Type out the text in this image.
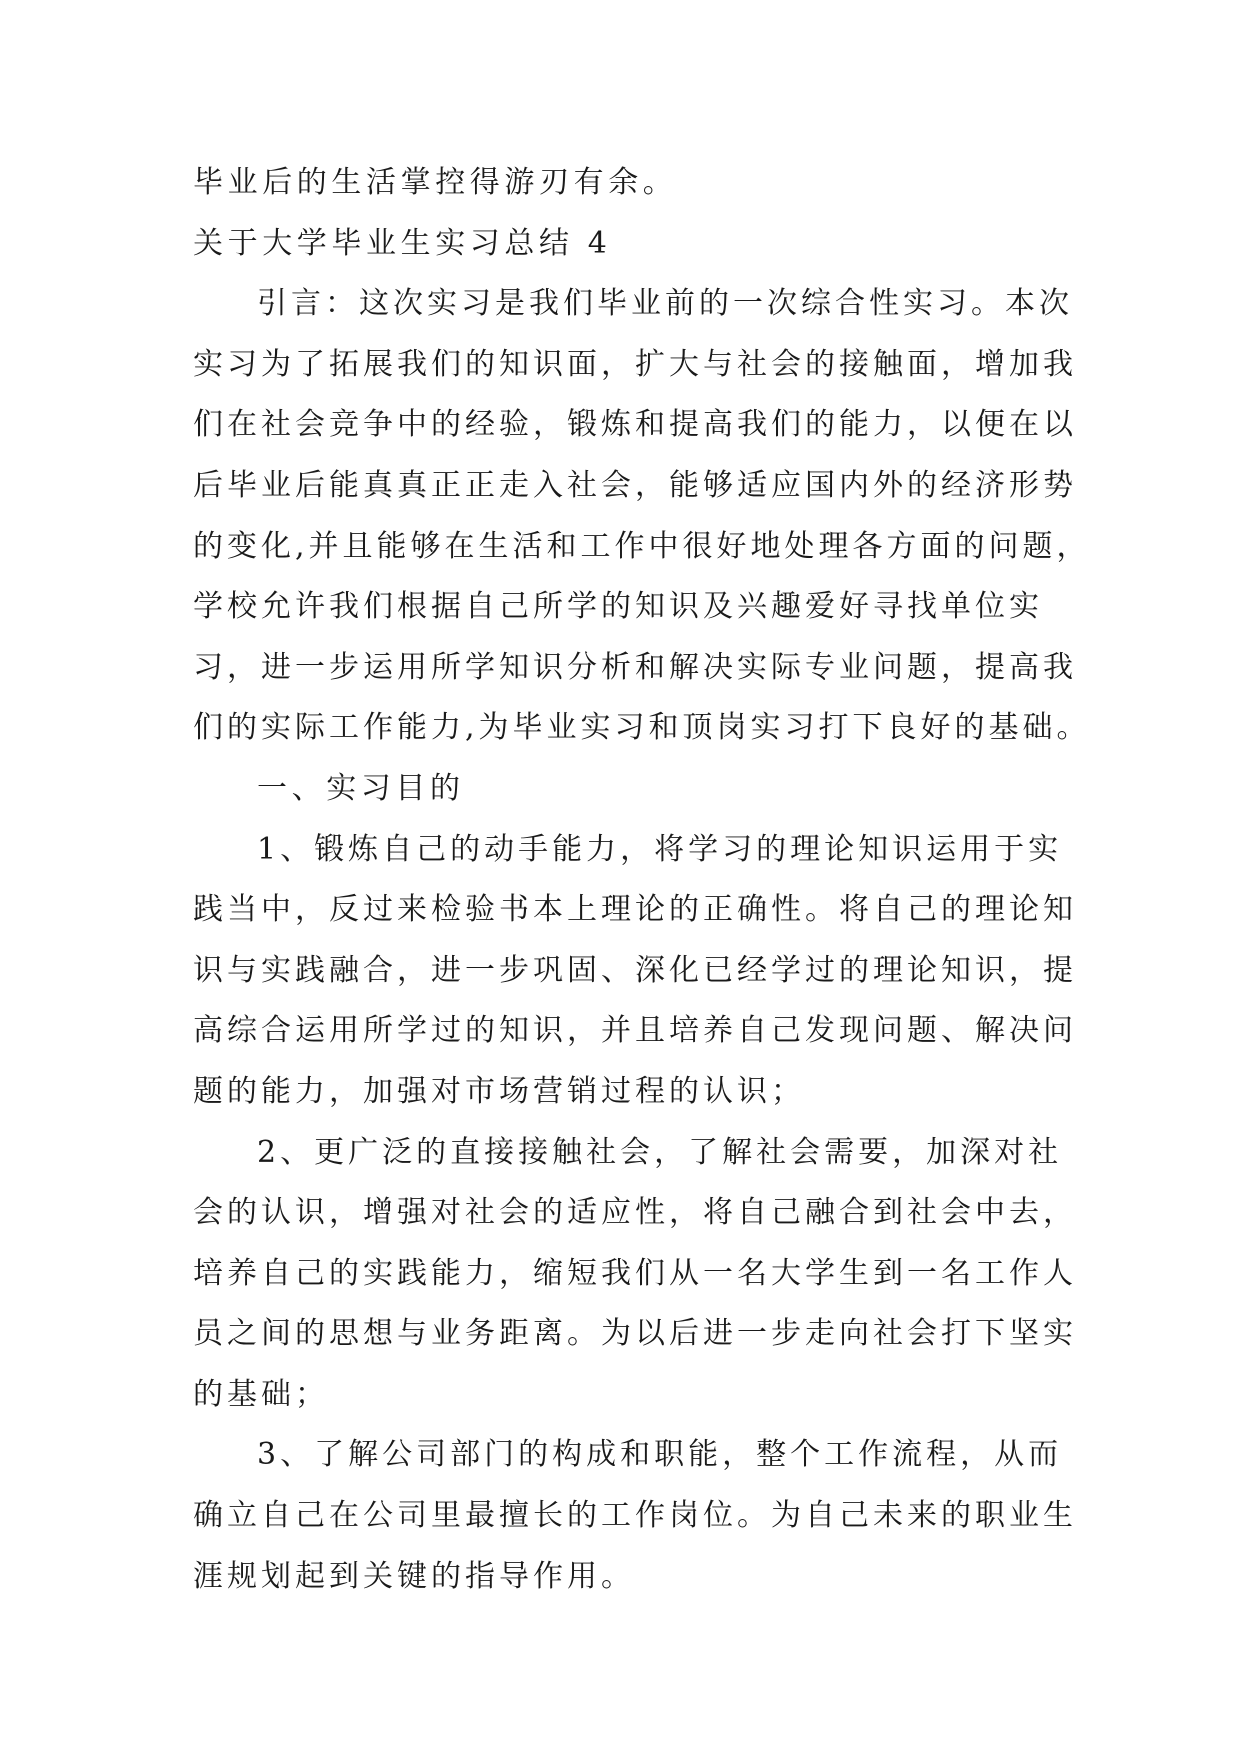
毕业后的生活掌控得游刃有余。
关于大学毕业生实习总结 4
引言：这次实习是我们毕业前的一次综合性实习。本次
实习为了拓展我们的知识面，扩大与社会的接触面，增加我
们在社会竞争中的经验，锻炼和提高我们的能力，以便在以
后毕业后能真真正正走入社会，能够适应国内外的经济形势
的变化,并且能够在生活和工作中很好地处理各方面的问题，
学校允许我们根据自己所学的知识及兴趣爱好寻找单位实
习，进一步运用所学知识分析和解决实际专业问题，提高我
们的实际工作能力,为毕业实习和顶岗实习打下良好的基础。
一、实习目的
1、锻炼自己的动手能力，将学习的理论知识运用于实
践当中，反过来检验书本上理论的正确性。将自己的理论知
识与实践融合，进一步巩固、深化已经学过的理论知识，提
高综合运用所学过的知识，并且培养自己发现问题、解决问
题的能力，加强对市场营销过程的认识；
2、更广泛的直接接触社会，了解社会需要，加深对社
会的认识，增强对社会的适应性，将自己融合到社会中去，
培养自己的实践能力，缩短我们从一名大学生到一名工作人
员之间的思想与业务距离。为以后进一步走向社会打下坚实
的基础；
3、了解公司部门的构成和职能，整个工作流程，从而
确立自己在公司里最擅长的工作岗位。为自己未来的职业生
涯规划起到关键的指导作用。
